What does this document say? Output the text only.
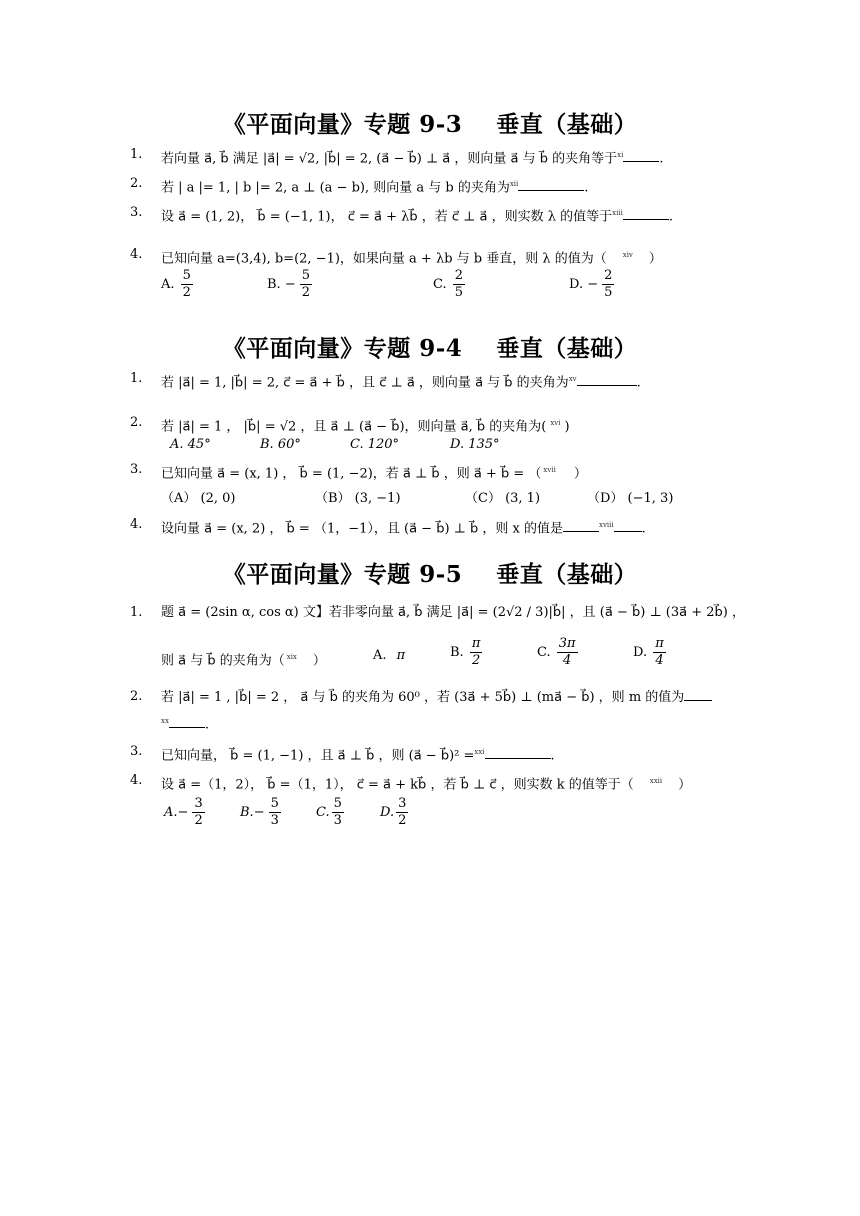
《平面向量》专题 9-3    垂直（基础）
1.	若向量 a⃗, b⃗ 满足 |a⃗| = √2, |b⃗| = 2, (a⃗ − b⃗) ⊥ a⃗ ，则向量 a⃗ 与 b⃗ 的夹角等于$^{xi}$	.
2.	若 | a |= 1, | b |= 2, a ⊥ (a − b), 则向量 a 与 b 的夹角为$^{xii}$	.
3.	设 a⃗ = (1, 2)， b⃗ = (−1, 1)， c⃗ = a⃗ + λb⃗ ，若 c⃗ ⊥ a⃗ ，则实数 λ 的值等于$^{xiii}$	.
4.	已知向量 a=(3,4), b=(2, −1)，如果向量 a + λb 与 b 垂直，则 λ 的值为（ $^{xiv}$ ）
A. $\frac{5}{2}$	B. − $\frac{5}{2}$	C. $\frac{2}{5}$	D. − $\frac{2}{5}$
《平面向量》专题 9-4    垂直（基础）
1.	若 |a⃗| = 1, |b⃗| = 2, c⃗ = a⃗ + b⃗ ，且 c⃗ ⊥ a⃗ ，则向量 a⃗ 与 b⃗ 的夹角为$^{xv}$	.
2.	若 |a⃗| = 1 ， |b⃗| = √2 ，且 a⃗ ⊥ (a⃗ − b⃗)，则向量 a⃗, b⃗ 的夹角为( $^{xvi}$ )
A. 45°	B. 60°	C. 120°	D. 135°
3.	已知向量 a⃗ = (x, 1) ， b⃗ = (1, −2)，若 a⃗ ⊥ b⃗ ，则 a⃗ + b⃗ = （ $^{xvii}$ ）
（A） (2, 0)	（B） (3, −1)	（C） (3, 1)	（D） (−1, 3)
4.	设向量 a⃗ = (x, 2) ， b⃗ = （1，−1），且 (a⃗ − b⃗) ⊥ b⃗ ，则 x 的值是	$^{xviii}$ .
《平面向量》专题 9-5    垂直（基础）
1.	题 a⃗ = (2sin α, cos α) 文】若非零向量 a⃗, b⃗ 满足 |a⃗| = (2√2 / 3)|b⃗| ，且 (a⃗ − b⃗) ⊥ (3a⃗ + 2b⃗) ，
则 a⃗ 与 b⃗ 的夹角为（ $^{xix}$ ）	A. π	B. $\frac{\pi}{2}$	C. $\frac{3\pi}{4}$	D. $\frac{\pi}{4}$
2.	若 |a⃗| = 1 , |b⃗| = 2 ， a⃗ 与 b⃗ 的夹角为 60⁰ ，若 (3a⃗ + 5b⃗) ⊥ (ma⃗ − b⃗) ，则 m 的值为
$^{xx}$	.
3.	已知向量， b⃗ = (1, −1) ，且 a⃗ ⊥ b⃗ ，则 (a⃗ − b⃗)² =$^{xxi}$	.
4.	设 a⃗ =（1，2）， b⃗ =（1，1）， c⃗ = a⃗ + kb⃗ ，若 b⃗ ⊥ c⃗ ，则实数 k 的值等于（ $^{xxii}$ ）
$A.- \frac{3}{2}$	$B.- \frac{5}{3}$	C. $\frac{5}{3}$	D. $\frac{3}{2}$
